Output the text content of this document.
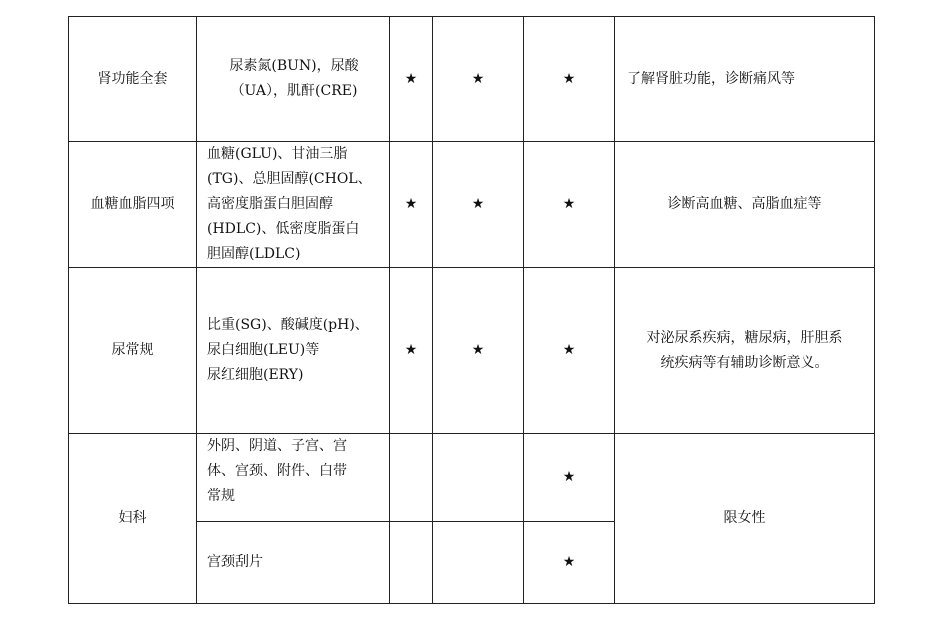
肾功能全套	尿素氮(BUN)，尿酸
（UA），肌酐(CRE)	★	★	★	了解肾脏功能，诊断痛风等

血糖血脂四项	血糖(GLU)、甘油三脂
(TG)、总胆固醇(CHOL、
高密度脂蛋白胆固醇
(HDLC)、低密度脂蛋白
胆固醇(LDLC)	★	★	★	诊断高血糖、高脂血症等

尿常规	比重(SG)、酸碱度(pH)、
尿白细胞(LEU)等
尿红细胞(ERY)	★	★	★	对泌尿系疾病，糖尿病，肝胆系
统疾病等有辅助诊断意义。

妇科	外阴、阴道、子宫、宫
体、宫颈、附件、白带
常规			★	限女性

	宫颈刮片			★	
